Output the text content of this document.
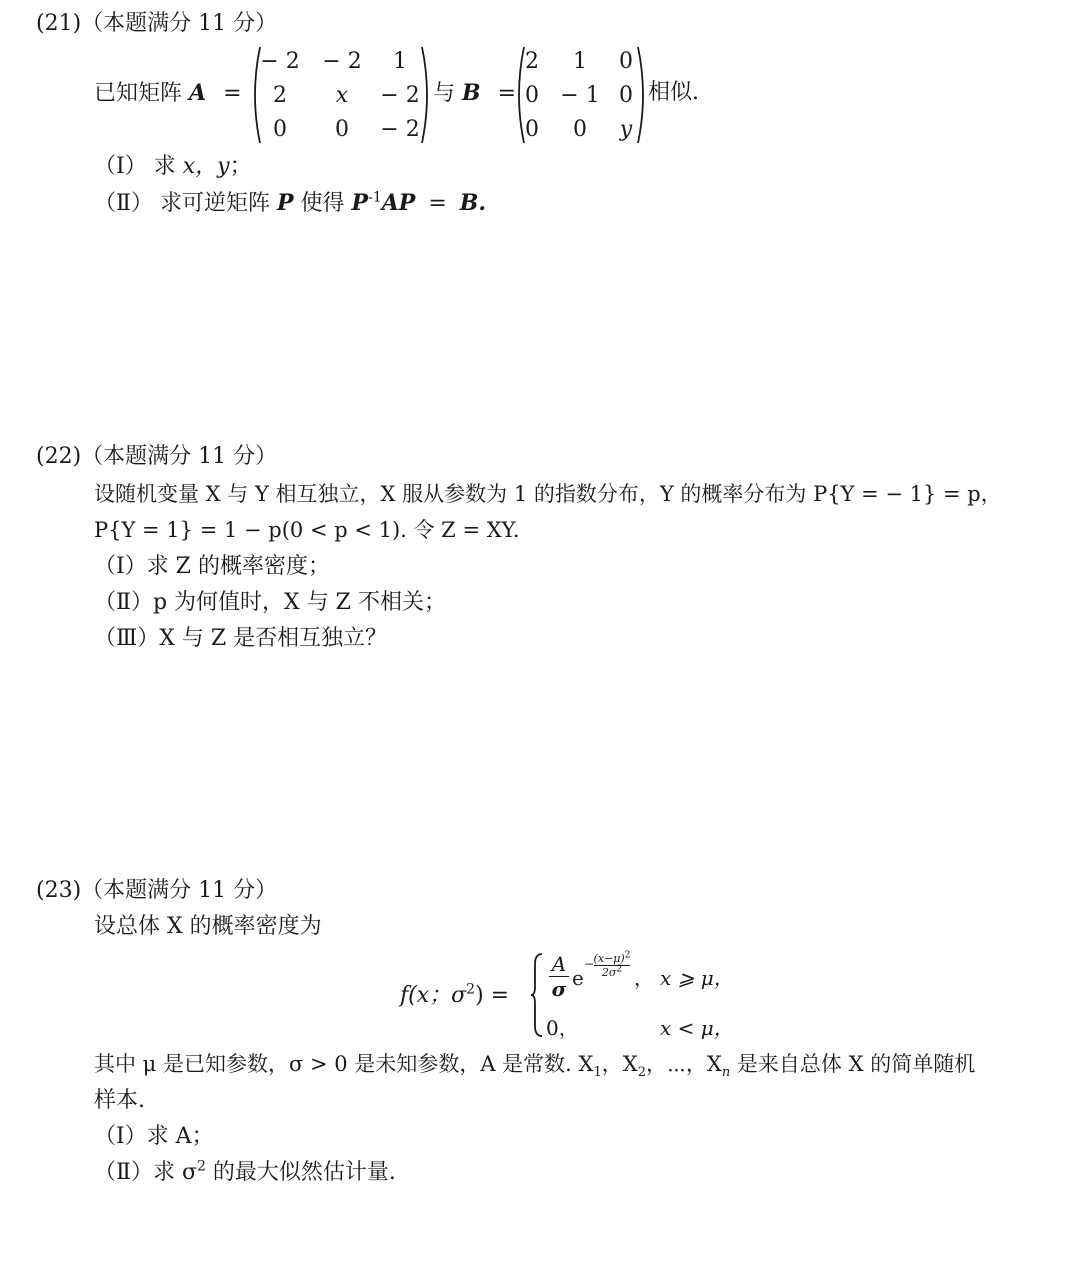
(21)（本题满分 11 分）
已知矩阵 A =
− 2 − 2 1
2 x − 2
0 0 − 2
与 B =
2 1 0
0 − 1 0
0 0 y
相似.
（Ⅰ） 求 x，y；
（Ⅱ） 求可逆矩阵 P 使得 $P^{-1}AP = B$.
(22)（本题满分 11 分）
设随机变量 X 与 Y 相互独立，X 服从参数为 1 的指数分布，Y 的概率分布为 P{Y = − 1} = p，
P{Y = 1} = 1 − p(0 < p < 1). 令 Z = XY.
（Ⅰ）求 Z 的概率密度；
（Ⅱ）p 为何值时，X 与 Z 不相关；
（Ⅲ）X 与 Z 是否相互独立？
(23)（本题满分 11 分）
设总体 X 的概率密度为
f(x；$\sigma^2$) =
A
σ e
− $(x-\mu)^2$
$2\sigma^2$ ， x ⩾ μ，
0，	x < μ，
其中 μ 是已知参数，σ > 0 是未知参数，A 是常数. $X_1$，$X_2$，⋯，$X_n$ 是来自总体 X 的简单随机
样本.
（Ⅰ）求 A；
（Ⅱ）求 $\sigma^2$ 的最大似然估计量.
